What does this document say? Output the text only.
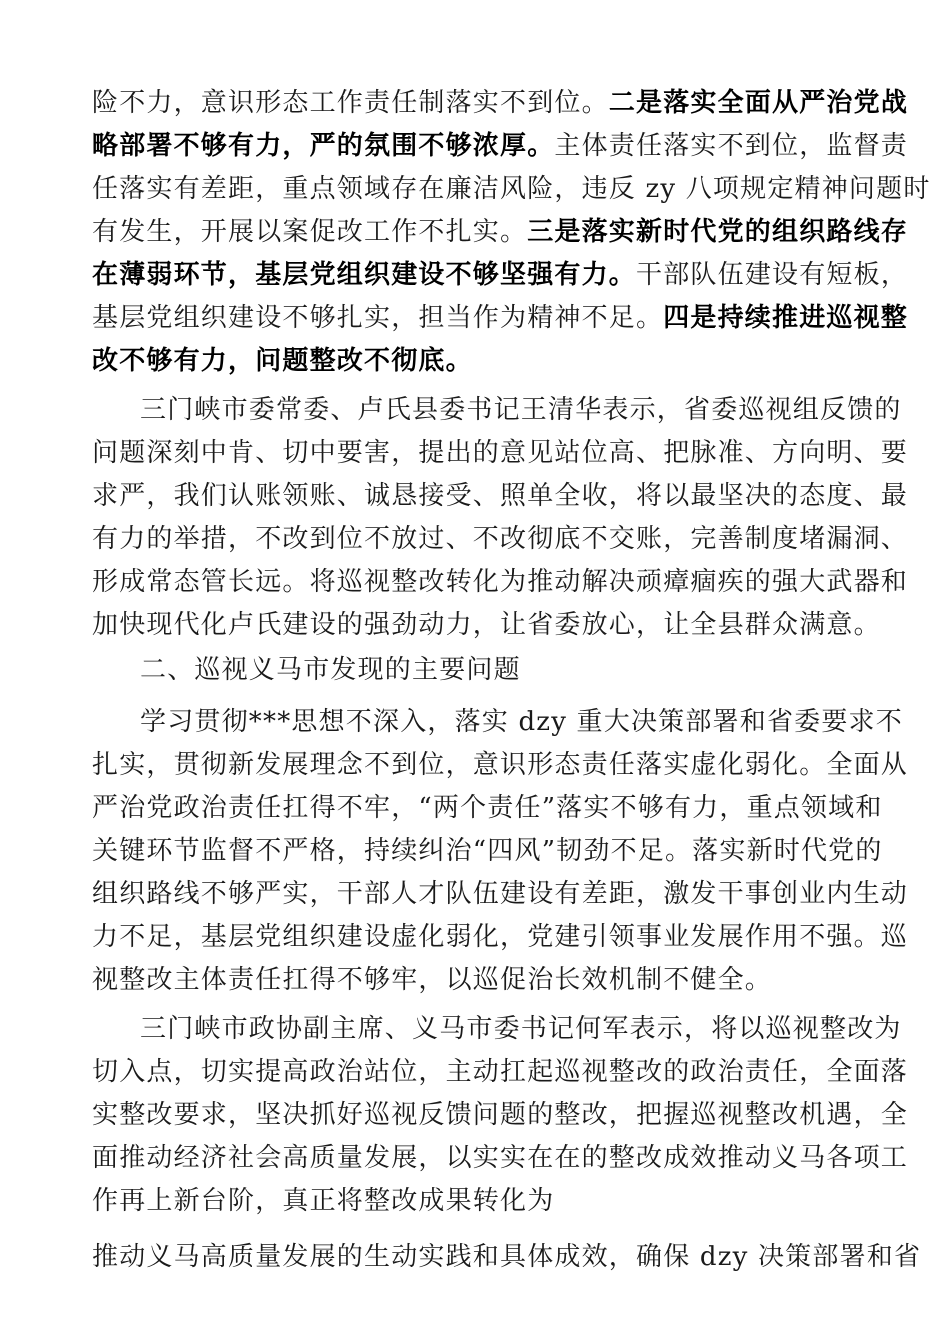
险不力，意识形态工作责任制落实不到位。二是落实全面从严治党战
略部署不够有力，严的氛围不够浓厚。主体责任落实不到位，监督责
任落实有差距，重点领域存在廉洁风险，违反 zy 八项规定精神问题时
有发生，开展以案促改工作不扎实。三是落实新时代党的组织路线存
在薄弱环节，基层党组织建设不够坚强有力。干部队伍建设有短板，
基层党组织建设不够扎实，担当作为精神不足。四是持续推进巡视整
改不够有力，问题整改不彻底。
三门峡市委常委、卢氏县委书记王清华表示，省委巡视组反馈的
问题深刻中肯、切中要害，提出的意见站位高、把脉准、方向明、要
求严，我们认账领账、诚恳接受、照单全收，将以最坚决的态度、最
有力的举措，不改到位不放过、不改彻底不交账，完善制度堵漏洞、
形成常态管长远。将巡视整改转化为推动解决顽瘴痼疾的强大武器和
加快现代化卢氏建设的强劲动力，让省委放心，让全县群众满意。
二、巡视义马市发现的主要问题
学习贯彻***思想不深入，落实 dzy 重大决策部署和省委要求不
扎实，贯彻新发展理念不到位，意识形态责任落实虚化弱化。全面从
严治党政治责任扛得不牢，“两个责任”落实不够有力，重点领域和
关键环节监督不严格，持续纠治“四风”韧劲不足。落实新时代党的
组织路线不够严实，干部人才队伍建设有差距，激发干事创业内生动
力不足，基层党组织建设虚化弱化，党建引领事业发展作用不强。巡
视整改主体责任扛得不够牢，以巡促治长效机制不健全。
三门峡市政协副主席、义马市委书记何军表示，将以巡视整改为
切入点，切实提高政治站位，主动扛起巡视整改的政治责任，全面落
实整改要求，坚决抓好巡视反馈问题的整改，把握巡视整改机遇，全
面推动经济社会高质量发展，以实实在在的整改成效推动义马各项工
作再上新台阶，真正将整改成果转化为
推动义马高质量发展的生动实践和具体成效，确保 dzy 决策部署和省
